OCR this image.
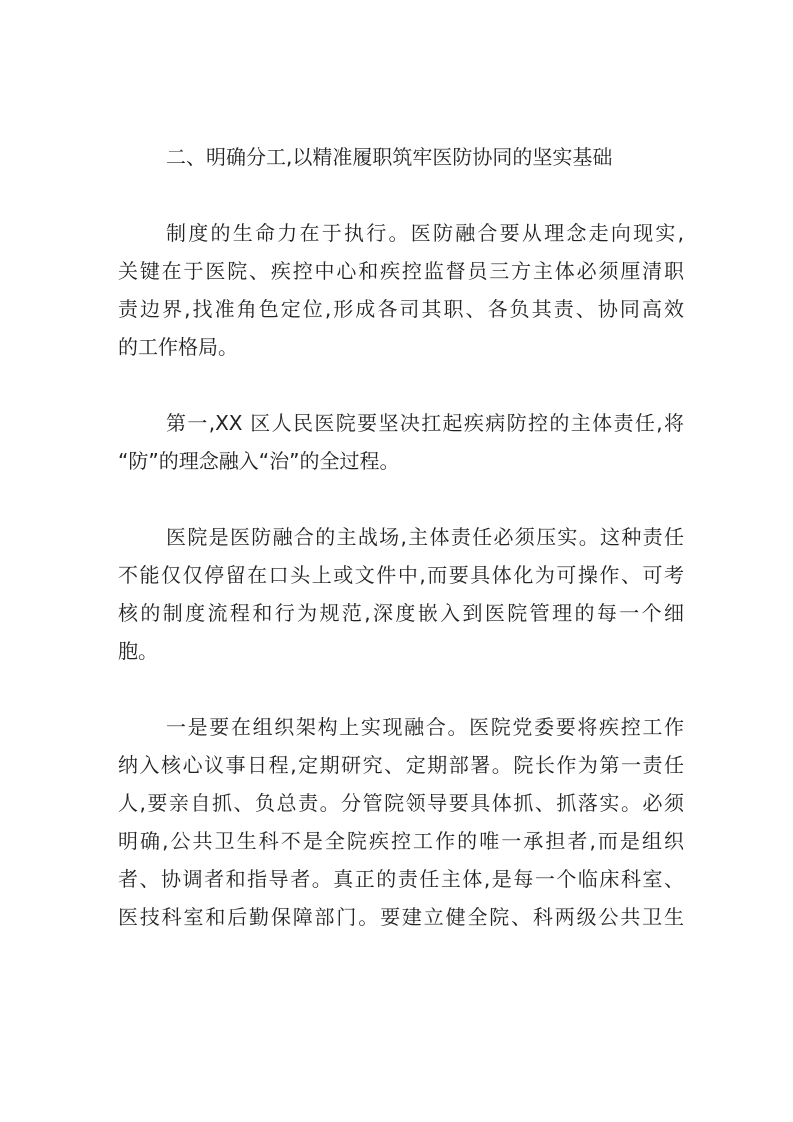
二、明确分工,以精准履职筑牢医防协同的坚实基础
制度的生命力在于执行。医防融合要从理念走向现实,
关键在于医院、疾控中心和疾控监督员三方主体必须厘清职
责边界,找准角色定位,形成各司其职、各负其责、协同高效
的工作格局。
第一,XX 区人民医院要坚决扛起疾病防控的主体责任,将
“防”的理念融入“治”的全过程。
医院是医防融合的主战场,主体责任必须压实。这种责任
不能仅仅停留在口头上或文件中,而要具体化为可操作、可考
核的制度流程和行为规范,深度嵌入到医院管理的每一个细
胞。
一是要在组织架构上实现融合。医院党委要将疾控工作
纳入核心议事日程,定期研究、定期部署。院长作为第一责任
人,要亲自抓、负总责。分管院领导要具体抓、抓落实。必须
明确,公共卫生科不是全院疾控工作的唯一承担者,而是组织
者、协调者和指导者。真正的责任主体,是每一个临床科室、
医技科室和后勤保障部门。要建立健全院、科两级公共卫生
